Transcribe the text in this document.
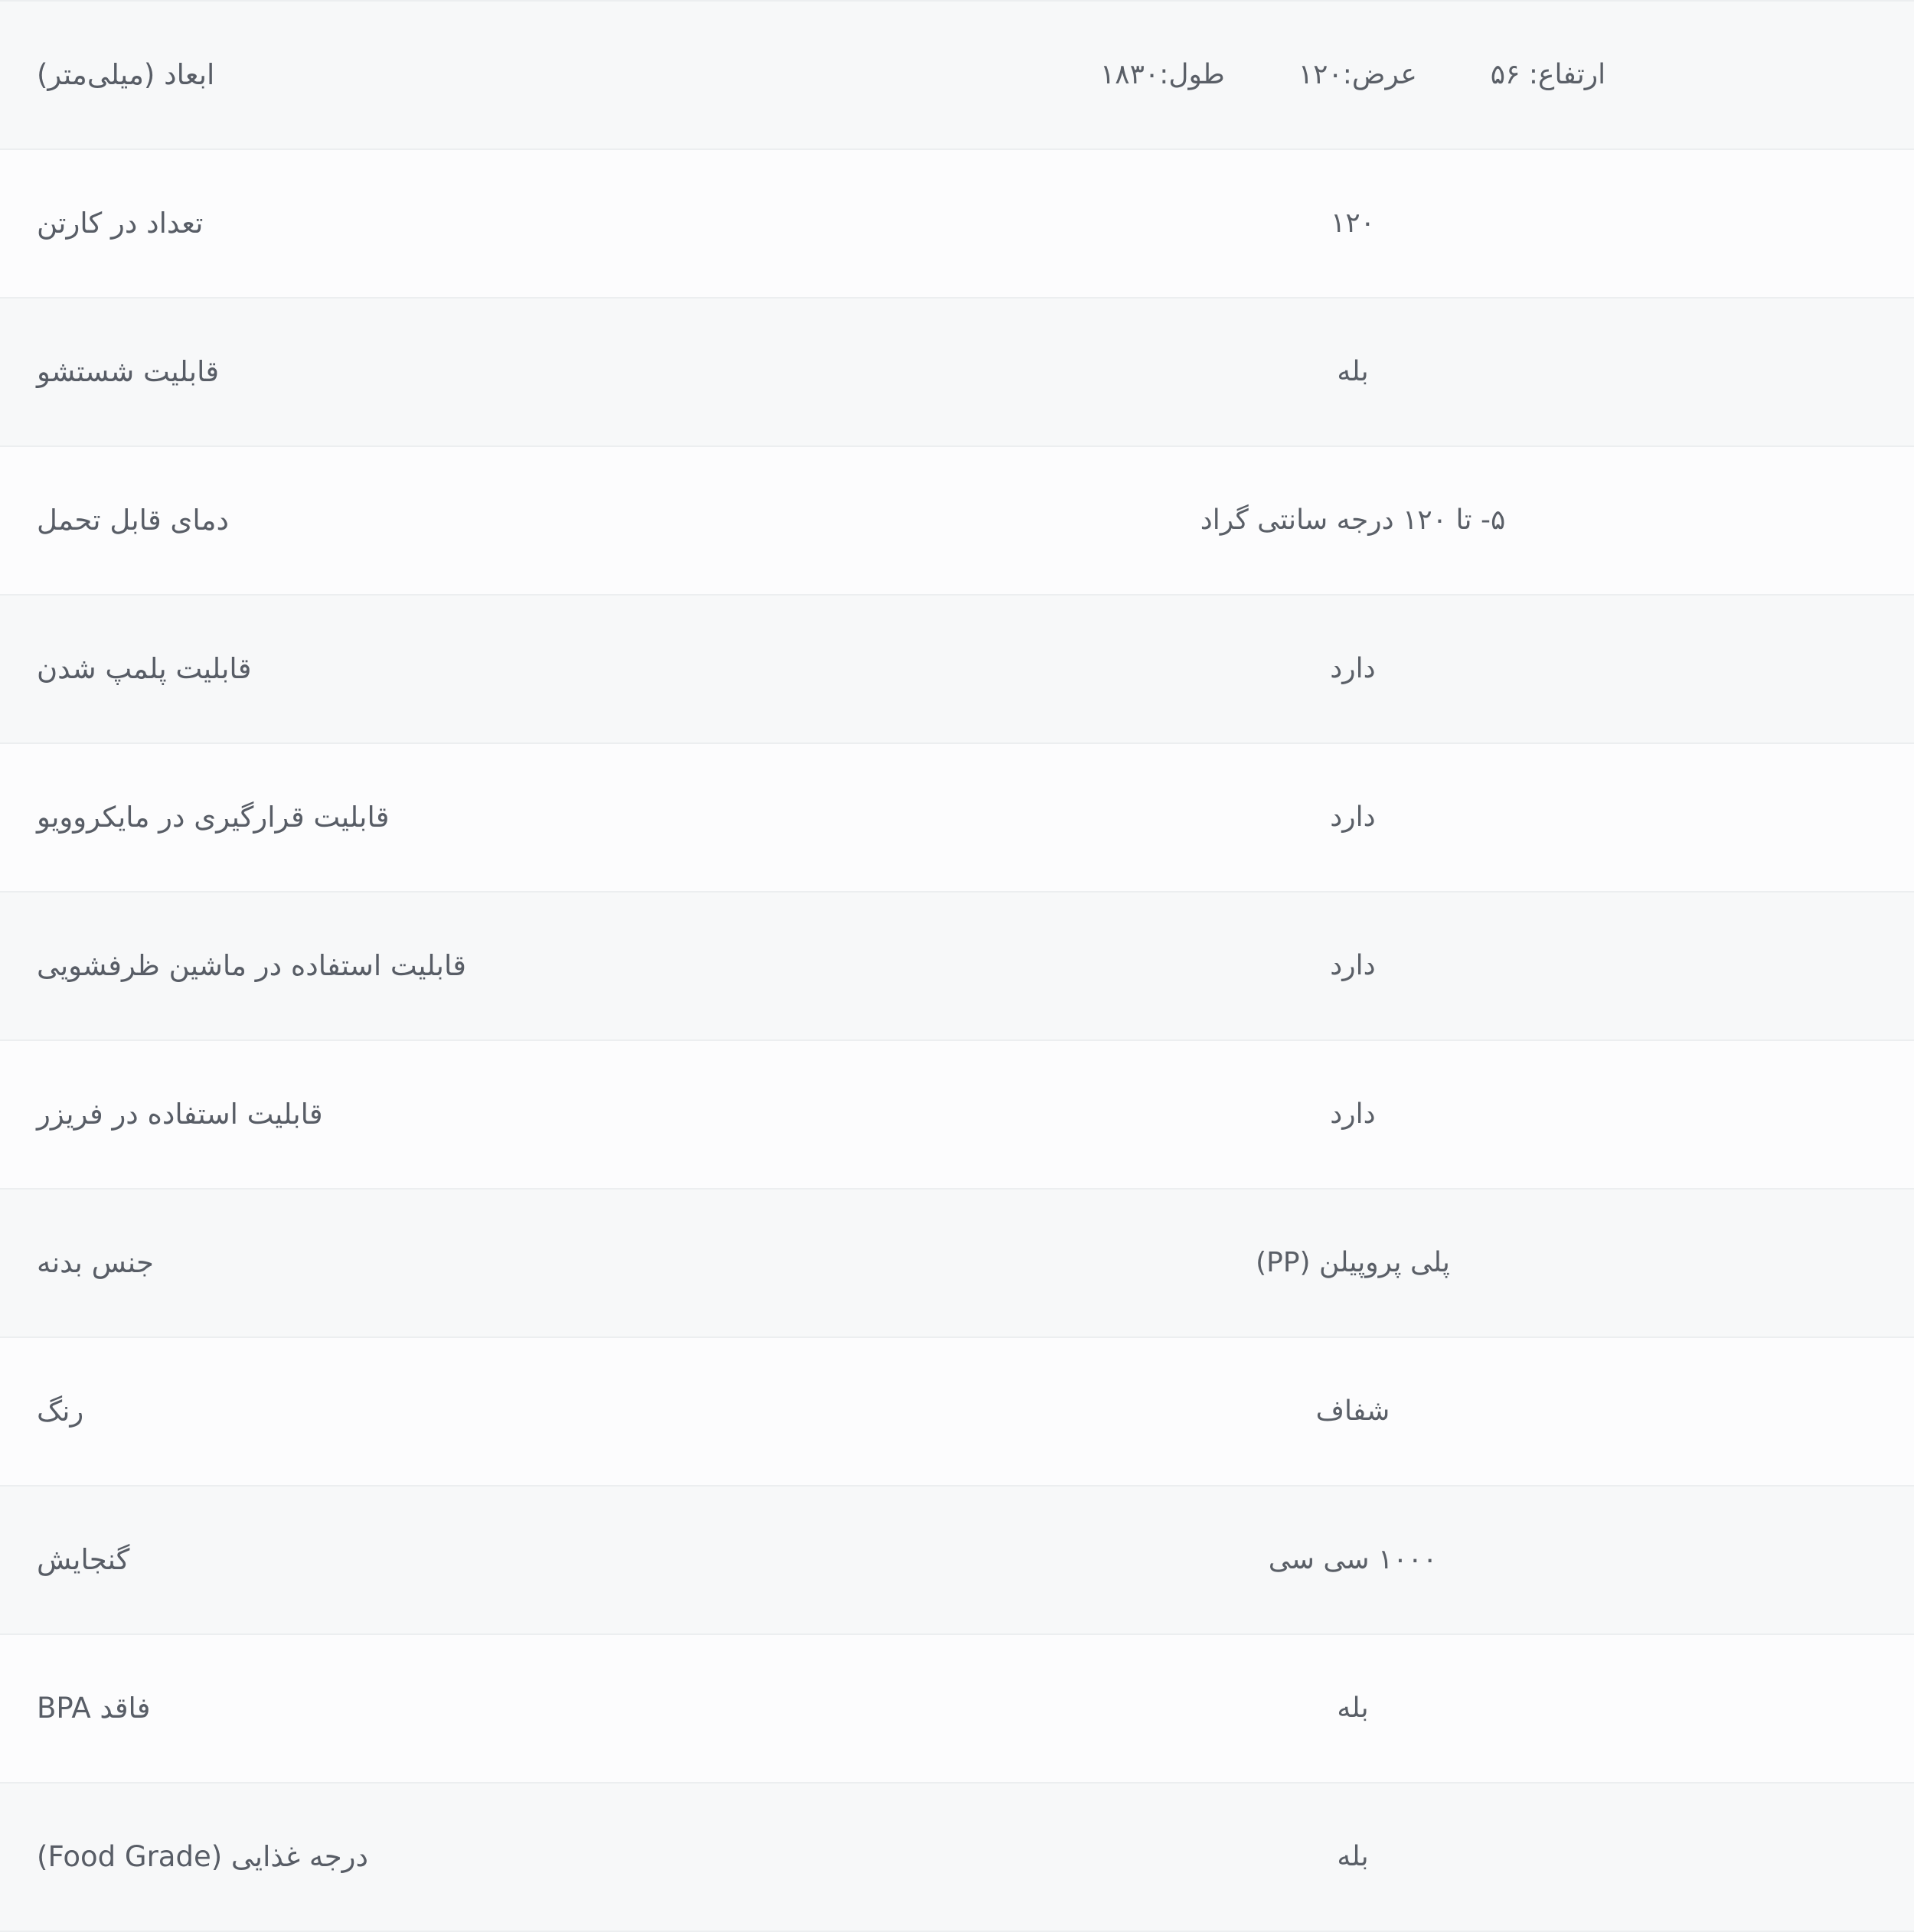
ارتفاع: ۵۶
عرض:۱۲۰
طول:۱۸۳۰	ابعاد (میلی‌متر)

۱۲۰	تعداد در کارتن

بله	قابلیت شستشو

۵- تا ۱۲۰ درجه سانتی گراد	دمای قابل تحمل

دارد	قابلیت پلمپ شدن

دارد	قابلیت قرارگیری در مایکروویو

دارد	قابلیت استفاده در ماشین ظرفشویی

دارد	قابلیت استفاده در فریزر

پلی پروپیلن (PP)	جنس بدنه

شفاف	رنگ

۱۰۰۰ سی سی	گنجایش

بله	فاقد BPA

بله	درجه غذایی (Food Grade)
